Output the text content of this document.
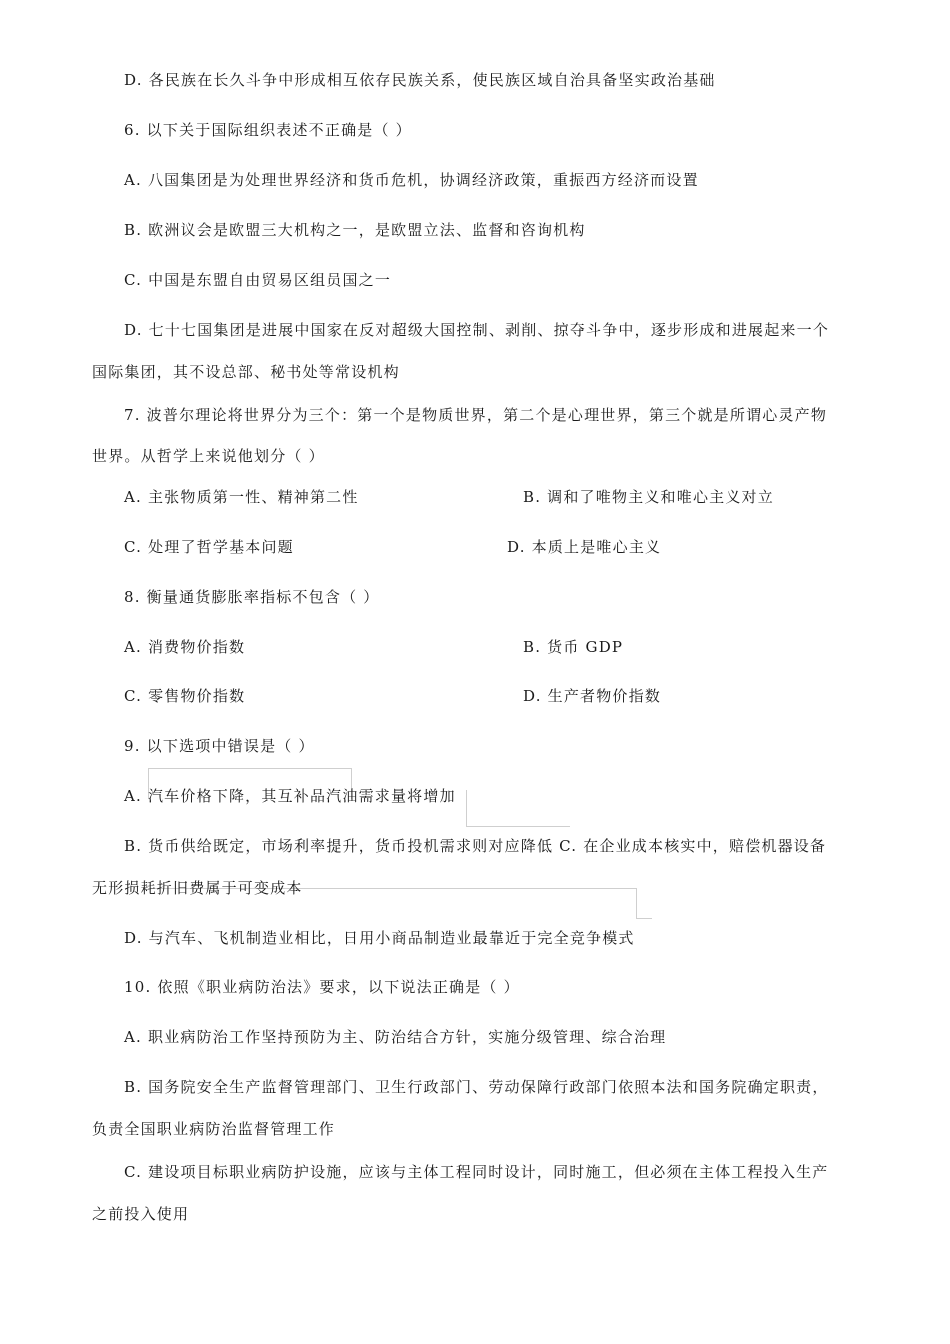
D. 各民族在长久斗争中形成相互依存民族关系，使民族区域自治具备坚实政治基础
6. 以下关于国际组织表述不正确是（ ）
A. 八国集团是为处理世界经济和货币危机，协调经济政策，重振西方经济而设置
B. 欧洲议会是欧盟三大机构之一，是欧盟立法、监督和咨询机构
C. 中国是东盟自由贸易区组员国之一
D. 七十七国集团是进展中国家在反对超级大国控制、剥削、掠夺斗争中，逐步形成和进展起来一个
国际集团，其不设总部、秘书处等常设机构
7. 波普尔理论将世界分为三个：第一个是物质世界，第二个是心理世界，第三个就是所谓心灵产物
世界。从哲学上来说他划分（ ）
A. 主张物质第一性、精神第二性	B. 调和了唯物主义和唯心主义对立
C. 处理了哲学基本问题	D. 本质上是唯心主义
8. 衡量通货膨胀率指标不包含（ ）
A. 消费物价指数	B. 货币 GDP
C. 零售物价指数	D. 生产者物价指数
9. 以下选项中错误是（ ）
A. 汽车价格下降，其互补品汽油需求量将增加
B. 货币供给既定，市场利率提升，货币投机需求则对应降低 C. 在企业成本核实中，赔偿机器设备
无形损耗折旧费属于可变成本
D. 与汽车、飞机制造业相比，日用小商品制造业最靠近于完全竞争模式
10. 依照《职业病防治法》要求，以下说法正确是（ ）
A. 职业病防治工作坚持预防为主、防治结合方针，实施分级管理、综合治理
B. 国务院安全生产监督管理部门、卫生行政部门、劳动保障行政部门依照本法和国务院确定职责，
负责全国职业病防治监督管理工作
C. 建设项目标职业病防护设施，应该与主体工程同时设计，同时施工，但必须在主体工程投入生产
之前投入使用
